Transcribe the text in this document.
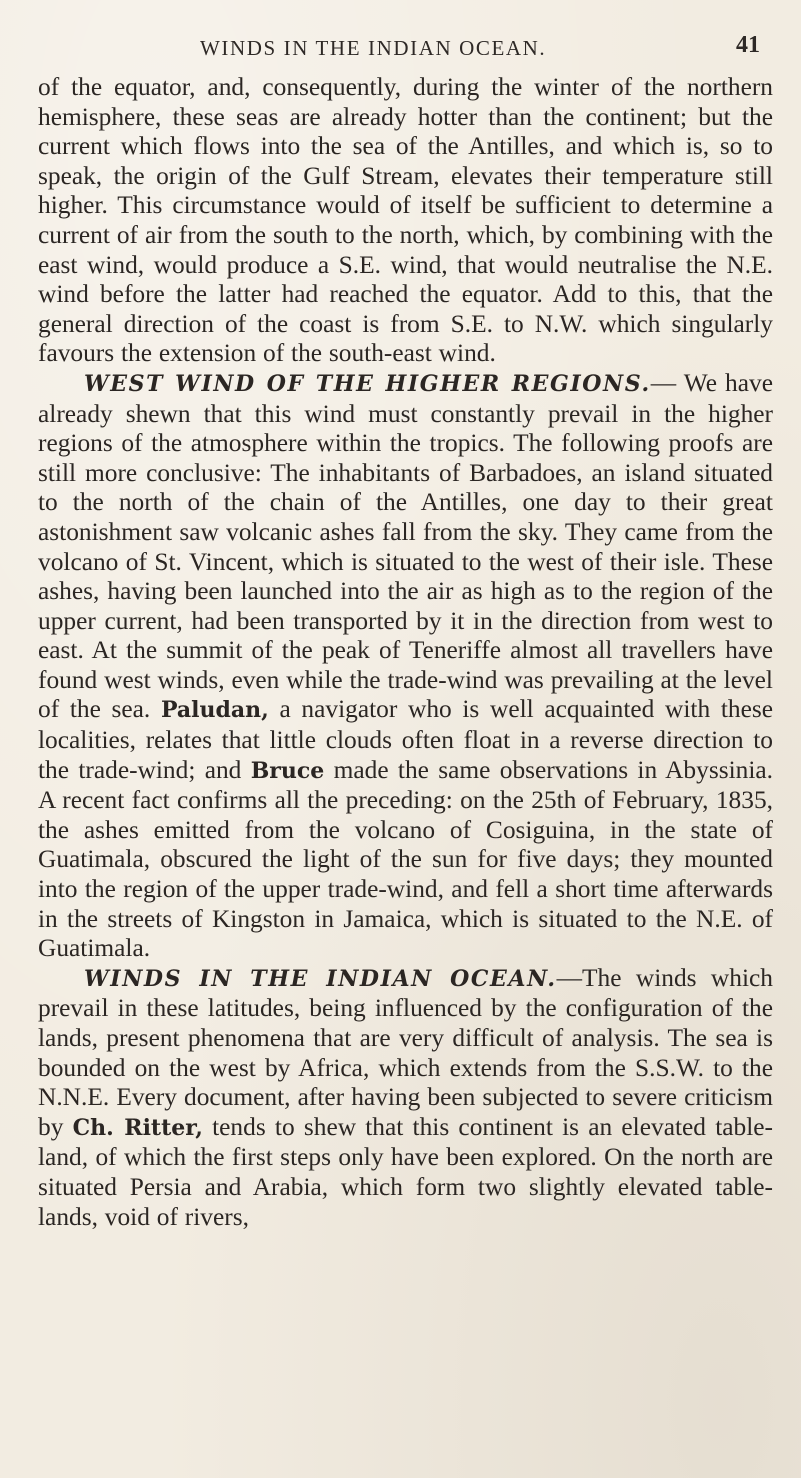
WINDS IN THE INDIAN OCEAN.	41

of the equator, and, consequently, during the winter of the northern hemisphere, these seas are already hotter than the continent; but the current which flows into the sea of the Antilles, and which is, so to speak, the origin of the Gulf Stream, elevates their temperature still higher. This circumstance would of itself be sufficient to determine a current of air from the south to the north, which, by combining with the east wind, would produce a S.E. wind, that would neutralise the N.E. wind before the latter had reached the equator. Add to this, that the general direction of the coast is from S.E. to N.W. which singularly favours the extension of the south-east wind.

WEST WIND OF THE HIGHER REGIONS.— We have already shewn that this wind must constantly prevail in the higher regions of the atmosphere within the tropics. The following proofs are still more conclusive: The inhabitants of Barbadoes, an island situated to the north of the chain of the Antilles, one day to their great astonishment saw volcanic ashes fall from the sky. They came from the volcano of St. Vincent, which is situated to the west of their isle. These ashes, having been launched into the air as high as to the region of the upper current, had been transported by it in the direction from west to east. At the summit of the peak of Teneriffe almost all travellers have found west winds, even while the trade-wind was prevailing at the level of the sea. Paludan, a navigator who is well acquainted with these localities, relates that little clouds often float in a reverse direction to the trade-wind; and Bruce made the same observations in Abyssinia. A recent fact confirms all the preceding: on the 25th of February, 1835, the ashes emitted from the volcano of Cosiguina, in the state of Guatimala, obscured the light of the sun for five days; they mounted into the region of the upper trade-wind, and fell a short time afterwards in the streets of Kingston in Jamaica, which is situated to the N.E. of Guatimala.

WINDS IN THE INDIAN OCEAN.—The winds which prevail in these latitudes, being influenced by the configuration of the lands, present phenomena that are very difficult of analysis. The sea is bounded on the west by Africa, which extends from the S.S.W. to the N.N.E. Every document, after having been subjected to severe criticism by Ch. Ritter, tends to shew that this continent is an elevated table-land, of which the first steps only have been explored. On the north are situated Persia and Arabia, which form two slightly elevated table-lands, void of rivers,
